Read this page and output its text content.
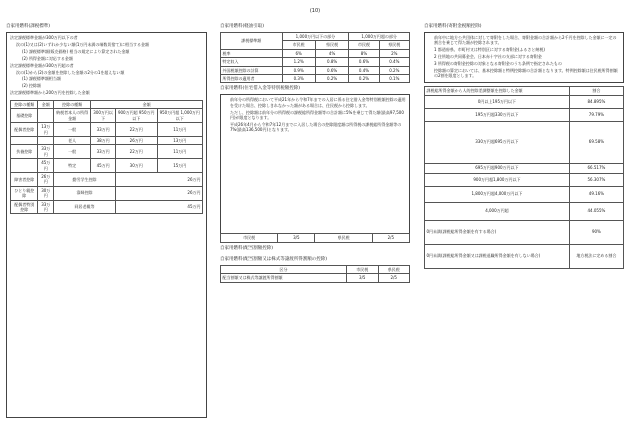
(10)
自家用燃料(課税標準)

法定課税標準金額が300万円以下の者

次の(1)又は(2)いずれか少ない額(1万円未満の端数切捨て)に相当する金額

(1) 課税標準額(販売価格) 相当の規定により算定された金額

(2) 所得金額に対応する金額

法定課税標準金額が300万円超の者

次の(1)から(2)の金額を控除した金額の2分の1を超えない額

(1) 課税標準額相当額

(2) 控除額

法定課税標準額から200万円を控除した金額

控除の種類	金額	控除の種類	金額		
基礎控除		納税者本人の所得金額	300万円以下	900万円超 950万円以下	950万円超 1,000万円以下
配偶者控除	13万円	一般	33万円	22万円	11万円
		老人	38万円	26万円	13万円
扶養控除	33万円	一般	33万円	22万円	11万円
	45万円	特定	45万円	30万円	15万円
障害者控除	26万円	勤労学生控除		26万円	
ひとり親控除	30万円	寡婦控除		26万円	
配偶者特別控除	33万円	同居老親等		45万円	
自家用燃料(軽油引取)
課税標準額	1,000万円以下の部分		1,000万円超の部分	
	市民税	県民税	市民税	県民税
税率	6%	4%	8%	2%
特定収入	1.2%	0.8%	0.6%	0.4%
外国税額控除の計算	0.9%	0.6%	0.4%	0.2%
所得控除の適用者	0.3%	0.2%	0.2%	0.1%
自家用燃料(住宅借入金等特別税額控除)

前年分の所得税において平成21年から令和7年までの入居に係る住宅借入金等特別税額控除の適用を受けた場合、控除しきれなかった額がある場合は、住民税から控除します。

ただし、控除額は前年分の所得税の課税総所得金額等の合計額に5%を乗じて得た額(最高97,500円)が限度となります。

平成26年4月から令和7年12月までに入居した場合の控除限度額は所得税の課税総所得金額等の7%(最高136,500円)となります。

市民税	3/5	県民税	2/5
自家用燃料(配当割額控除)
自家用燃料(配当割額又は株式等譲渡所得割額の控除)
区分	市民税	県民税
配当割額又は株式等譲渡所得割額	3/5	2/5
自家用燃料(寄附金税額控除)

前年中に地方公共団体に対して寄附をした場合、寄附金額の合計額から2千円を控除した金額に一定の割合を乗じて得た額が控除されます。

1 都道府県、市町村又は特別区に対する寄附金(ふるさと納税)

2 住所地の共同募金会、日本赤十字社の支部に対する寄附金

3 所得税の寄附金控除の対象となる寄附金のうち条例で指定されたもの

控除額の算定においては、基本控除額と特例控除額の合計額となります。特例控除額は住民税所得割額の2割を限度とします。

課税総所得金額から人的控除差調整額を控除した金額	割合
0円以上195万円以下	84.895%
195万円超330万円以下	79.79%
330万円超695万円以下	69.58%
695万円超900万円以下	66.517%
900万円超1,800万円以下	56.307%
1,800万円超4,000万円以下	49.16%
4,000万円超	44.055%
0円未満(課税総所得金額を有する場合)	90%
0円未満(課税総所得金額又は課税退職所得金額を有しない場合)	地方税法に定める割合
